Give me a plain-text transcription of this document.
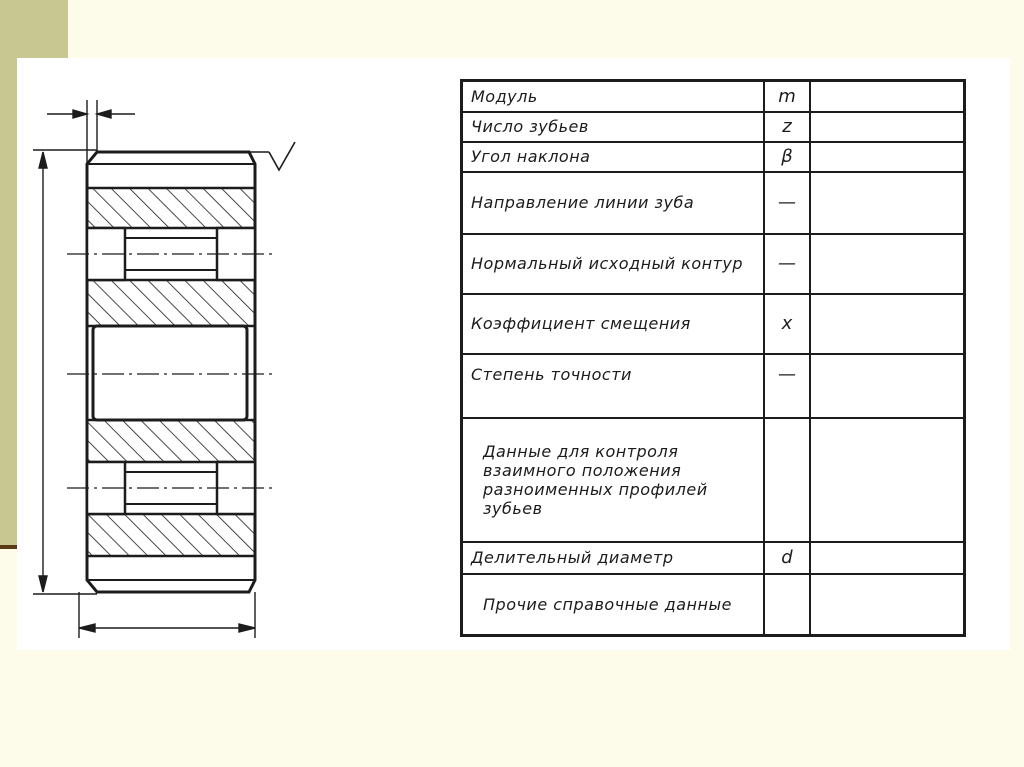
Модуль	m	
Число зубьев	z	
Угол наклона	β	
Направление линии зуба	—	
Нормальный исходный контур	—	
Коэффициент смещения	x	
Степень точности	—	
Данные для контроля взаимного положения разноименных профилей зубьев		
Делительный диаметр	d	
Прочие справочные данные		
